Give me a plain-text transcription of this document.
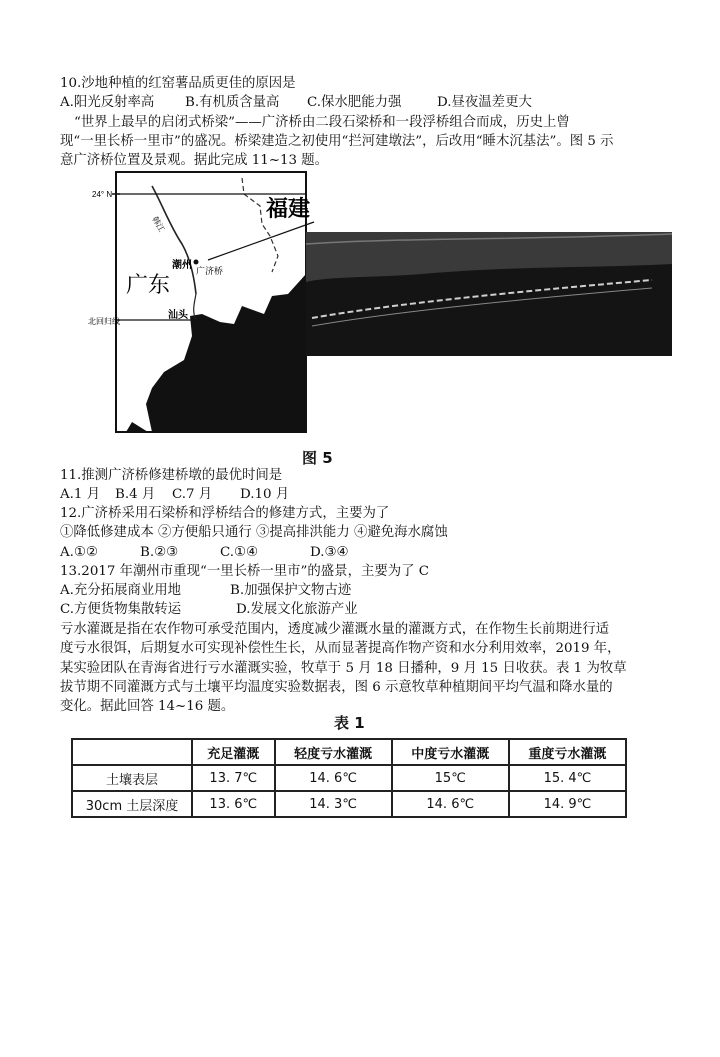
10.沙地种植的红窑薯品质更佳的原因是
A.阳光反射率高 B.有机质含量高 C.保水肥能力强	D.昼夜温差更大
“世界上最早的启闭式桥梁”——广济桥由二段石梁桥和一段浮桥组合而成，历史上曾
现“一里长桥一里市”的盛况。桥梁建造之初使用“拦河建墩法”，后改用“睡木沉基法”。图 5 示
意广济桥位置及景观。据此完成 11~13 题。
24° N
福建
广东
潮州
广济桥
汕头
北回归线
韩江
图 5
11.推测广济桥修建桥墩的最优时间是
A.1 月 B.4 月 C.7 月 D.10 月
12.广济桥采用石梁桥和浮桥结合的修建方式，主要为了
①降低修建成本 ②方便船只通行 ③提高排洪能力 ④避免海水腐蚀
A.①②	B.②③	C.①④	D.③④
13.2017 年潮州市重现“一里长桥一里市”的盛景，主要为了 C
A.充分拓展商业用地	B.加强保护文物古迹
C.方便货物集散转运	D.发展文化旅游产业
亏水灌溉是指在农作物可承受范围内，透度减少灌溉水量的灌溉方式，在作物生长前期进行适
度亏水很饵，后期复水可实现补偿性生长，从而显著提高作物产资和水分利用效率，2019 年，
某实验团队在青海省进行亏水灌溉实验，牧草于 5 月 18 日播种，9 月 15 日收获。表 1 为牧草
拔节期不同灌溉方式与土壤平均温度实验数据表，图 6 示意牧草种植期间平均气温和降水量的
变化。据此回答 14~16 题。
表 1
	充足灌溉	轻度亏水灌溉	中度亏水灌溉	重度亏水灌溉
土壤表层	13. 7℃	14. 6℃	15℃	15. 4℃
30cm 土层深度	13. 6℃	14. 3℃	14. 6℃	14. 9℃
